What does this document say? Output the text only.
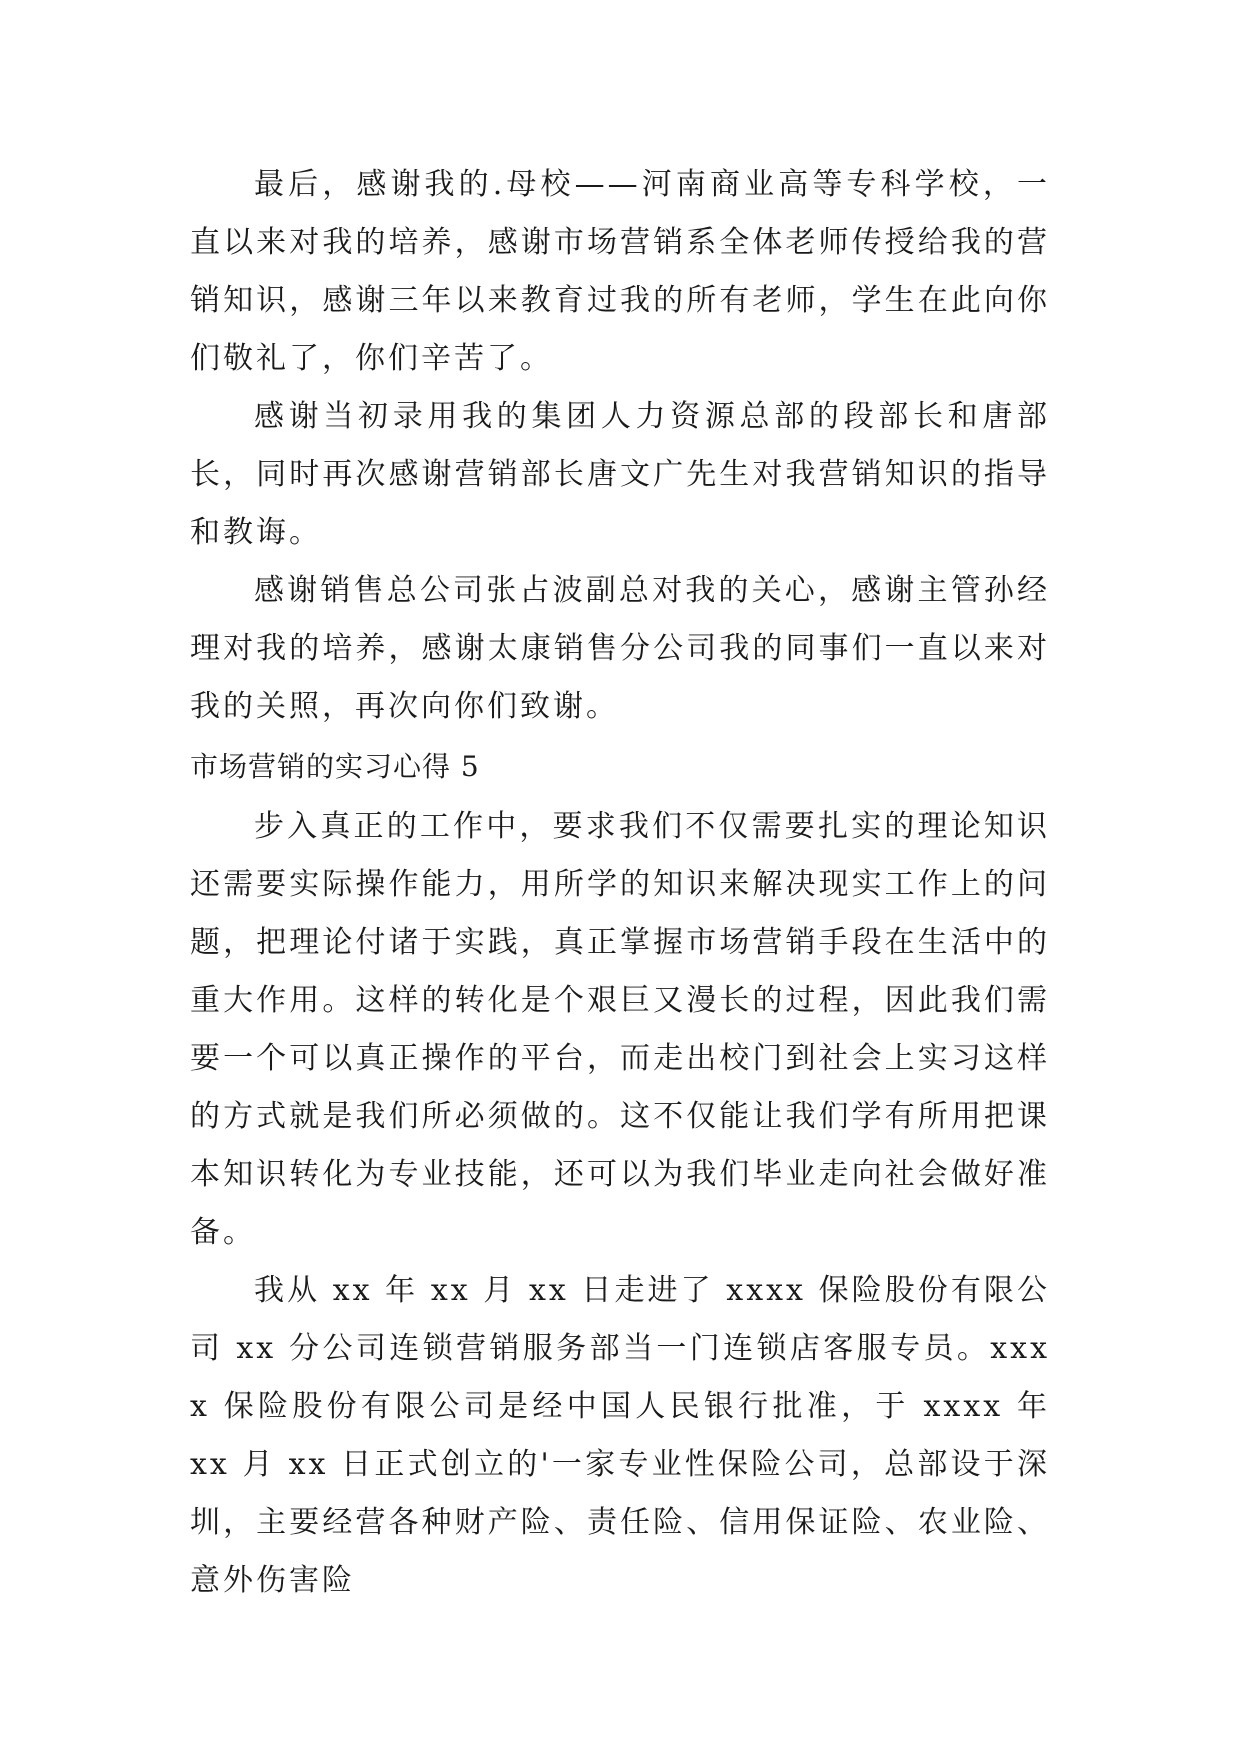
最后，感谢我的.母校——河南商业高等专科学校，一直以来对我的培养，感谢市场营销系全体老师传授给我的营销知识，感谢三年以来教育过我的所有老师，学生在此向你们敬礼了，你们辛苦了。

感谢当初录用我的集团人力资源总部的段部长和唐部长，同时再次感谢营销部长唐文广先生对我营销知识的指导和教诲。

感谢销售总公司张占波副总对我的关心，感谢主管孙经理对我的培养，感谢太康销售分公司我的同事们一直以来对我的关照，再次向你们致谢。

市场营销的实习心得 5

步入真正的工作中，要求我们不仅需要扎实的理论知识还需要实际操作能力，用所学的知识来解决现实工作上的问题，把理论付诸于实践，真正掌握市场营销手段在生活中的重大作用。这样的转化是个艰巨又漫长的过程，因此我们需要一个可以真正操作的平台，而走出校门到社会上实习这样的方式就是我们所必须做的。这不仅能让我们学有所用把课本知识转化为专业技能，还可以为我们毕业走向社会做好准备。

我从 xx 年 xx 月 xx 日走进了 xxxx 保险股份有限公司 xx 分公司连锁营销服务部当一门连锁店客服专员。xxxx 保险股份有限公司是经中国人民银行批准，于 xxxx 年 xx 月 xx 日正式创立的'一家专业性保险公司，总部设于深圳，主要经营各种财产险、责任险、信用保证险、农业险、意外伤害险
